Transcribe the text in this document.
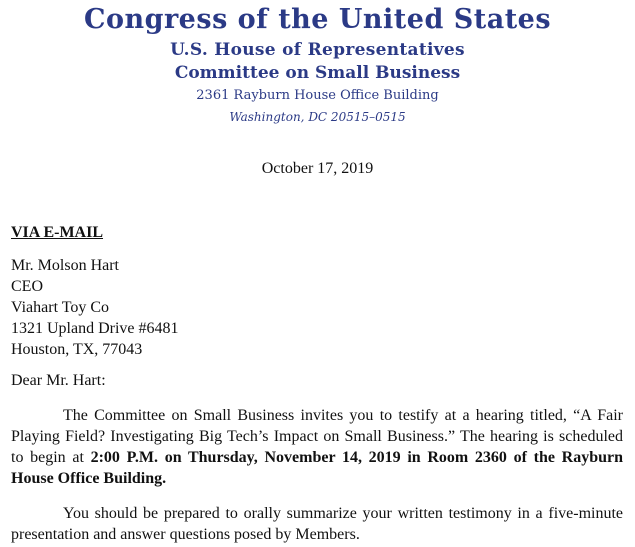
Congress of the United States
U.S. House of Representatives
Committee on Small Business
2361 Rayburn House Office Building
Washington, DC 20515–0515
October 17, 2019
VIA E-MAIL
Mr. Molson Hart
CEO
Viahart Toy Co
1321 Upland Drive #6481
Houston, TX, 77043
Dear Mr. Hart:
The Committee on Small Business invites you to testify at a hearing titled, “A Fair Playing Field? Investigating Big Tech’s Impact on Small Business.” The hearing is scheduled to begin at 2:00 P.M. on Thursday, November 14, 2019 in Room 2360 of the Rayburn House Office Building.
You should be prepared to orally summarize your written testimony in a five-minute presentation and answer questions posed by Members.
